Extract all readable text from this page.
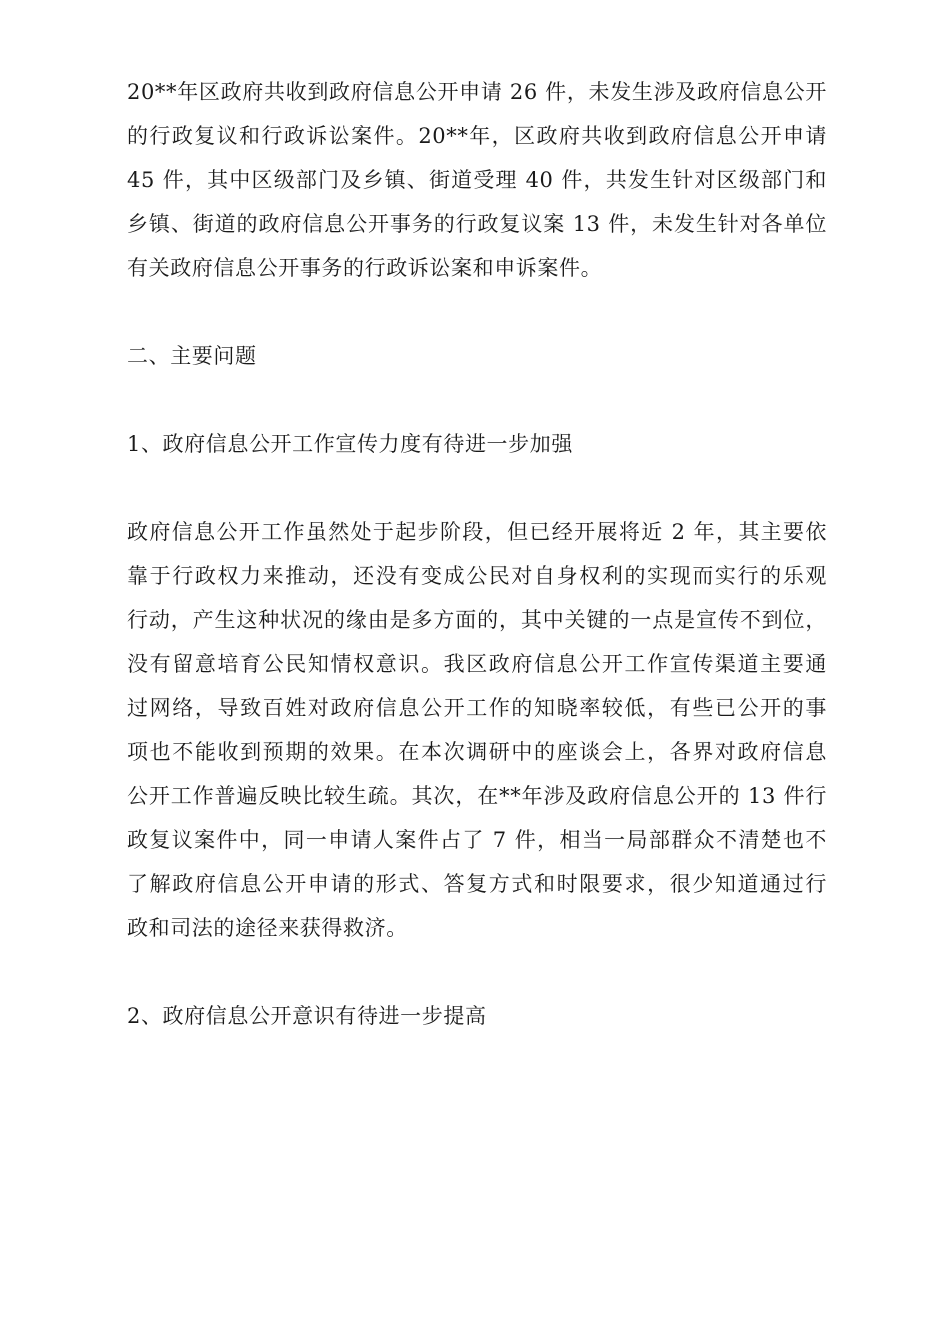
20**年区政府共收到政府信息公开申请 26 件，未发生涉及政府信息公开
的行政复议和行政诉讼案件。20**年，区政府共收到政府信息公开申请
45 件，其中区级部门及乡镇、街道受理 40 件，共发生针对区级部门和
乡镇、街道的政府信息公开事务的行政复议案 13 件，未发生针对各单位
有关政府信息公开事务的行政诉讼案和申诉案件。
二、主要问题
1、政府信息公开工作宣传力度有待进一步加强
政府信息公开工作虽然处于起步阶段，但已经开展将近 2 年，其主要依
靠于行政权力来推动，还没有变成公民对自身权利的实现而实行的乐观
行动，产生这种状况的缘由是多方面的，其中关键的一点是宣传不到位，
没有留意培育公民知情权意识。我区政府信息公开工作宣传渠道主要通
过网络，导致百姓对政府信息公开工作的知晓率较低，有些已公开的事
项也不能收到预期的效果。在本次调研中的座谈会上，各界对政府信息
公开工作普遍反映比较生疏。其次，在**年涉及政府信息公开的 13 件行
政复议案件中，同一申请人案件占了 7 件，相当一局部群众不清楚也不
了解政府信息公开申请的形式、答复方式和时限要求，很少知道通过行
政和司法的途径来获得救济。
2、政府信息公开意识有待进一步提高
